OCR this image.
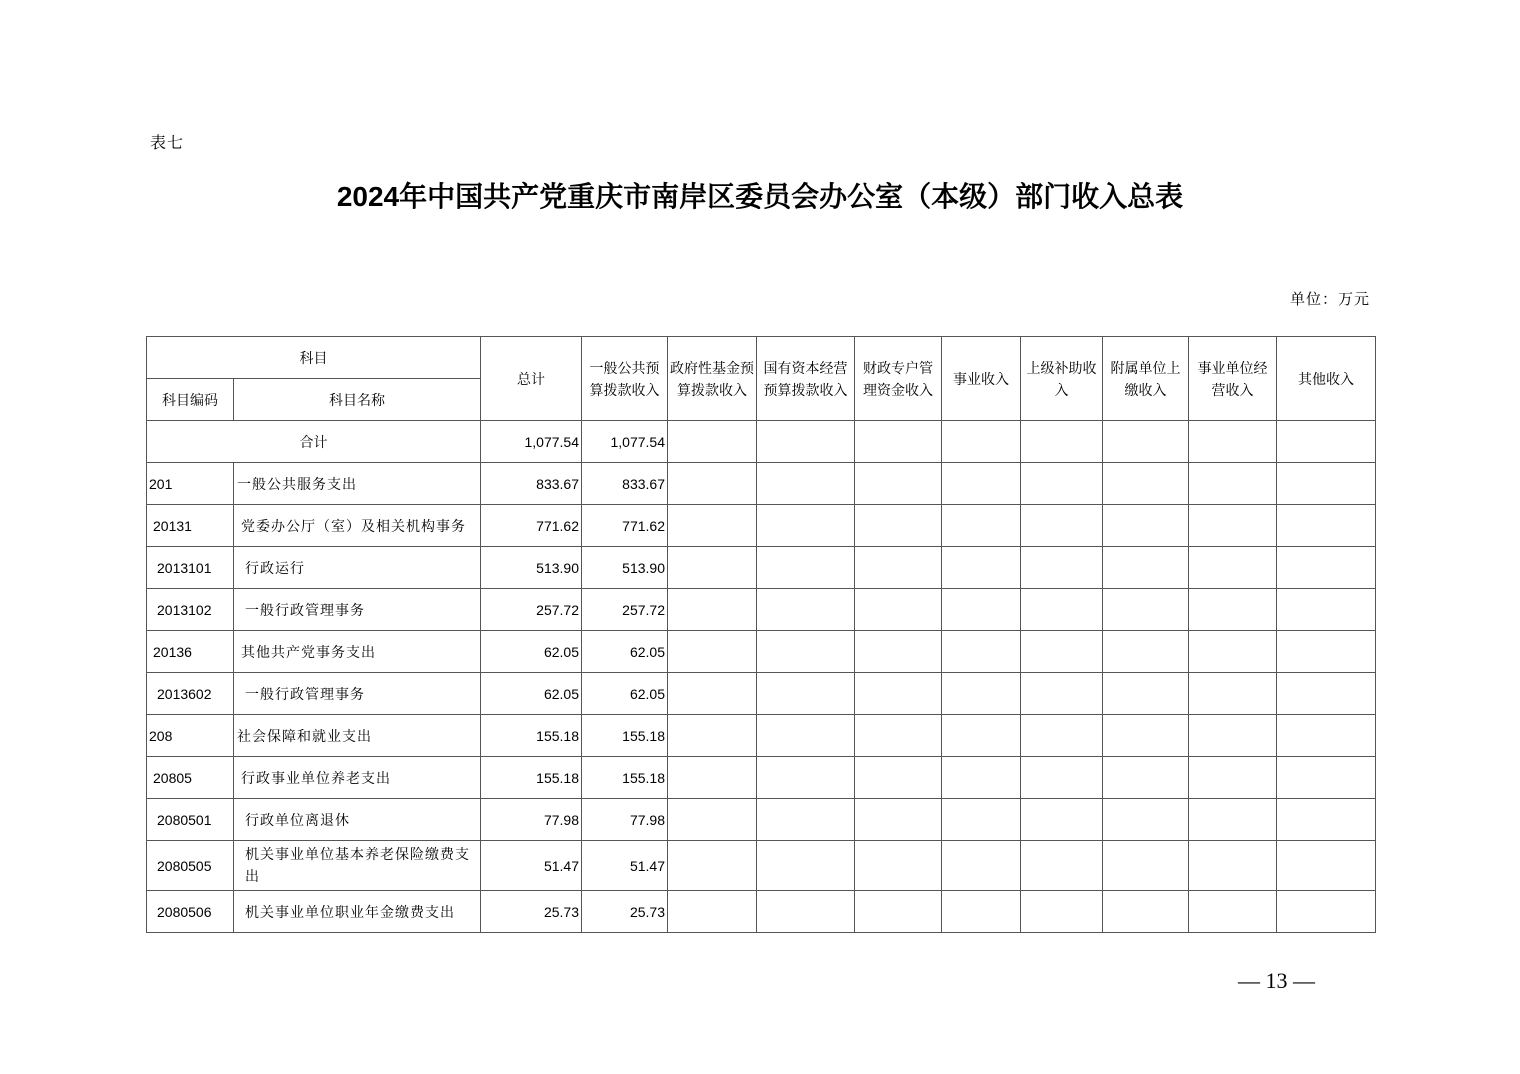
表七
2024年中国共产党重庆市南岸区委员会办公室（本级）部门收入总表
单位：万元
科目		总计	一般公共预算拨款收入	政府性基金预算拨款收入	国有资本经营预算拨款收入	财政专户管理资金收入	事业收入	上级补助收入	附属单位上缴收入	事业单位经营收入	其他收入
科目编码	科目名称										
合计		1,077.54	1,077.54								
201	一般公共服务支出	833.67	833.67								
20131	党委办公厅（室）及相关机构事务	771.62	771.62								
2013101	行政运行	513.90	513.90								
2013102	一般行政管理事务	257.72	257.72								
20136	其他共产党事务支出	62.05	62.05								
2013602	一般行政管理事务	62.05	62.05								
208	社会保障和就业支出	155.18	155.18								
20805	行政事业单位养老支出	155.18	155.18								
2080501	行政单位离退休	77.98	77.98								
2080505	机关事业单位基本养老保险缴费支出	51.47	51.47								
2080506	机关事业单位职业年金缴费支出	25.73	25.73								
— 13 —
